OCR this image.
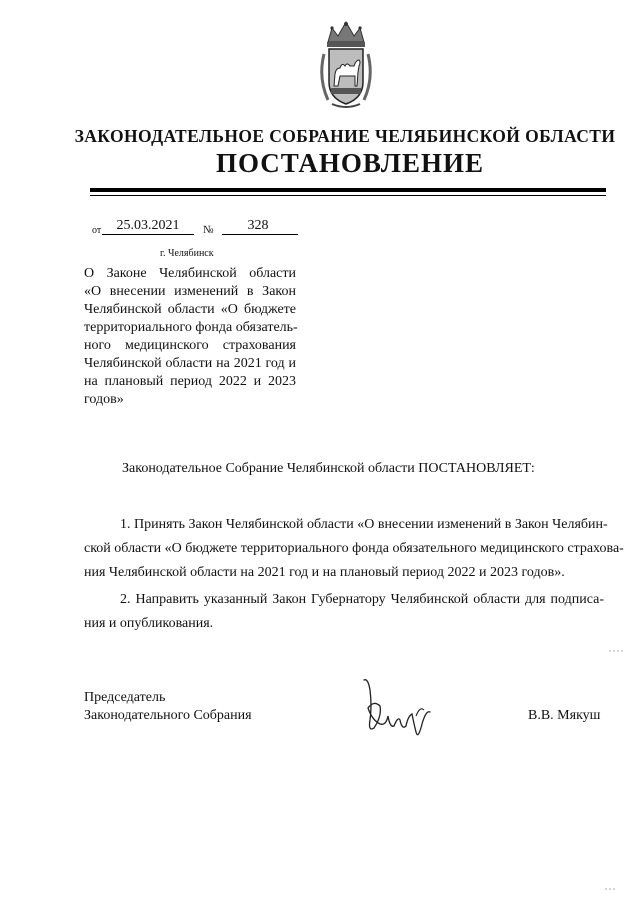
ЗАКОНОДАТЕЛЬНОЕ СОБРАНИЕ ЧЕЛЯБИНСКОЙ ОБЛАСТИ
ПОСТАНОВЛЕНИЕ
от	25.03.2021	№	328
г. Челябинск
О Законе Челябинской области
«О внесении изменений в Закон
Челябинской области «О бюджете
территориального фонда обязатель-
ного медицинского страхования
Челябинской области на 2021 год и
на плановый период 2022 и 2023
годов»
Законодательное Собрание Челябинской области ПОСТАНОВЛЯЕТ:
1. Принять Закон Челябинской области «О внесении изменений в Закон Челябин-
ской области «О бюджете территориального фонда обязательного медицинского страхова-
ния Челябинской области на 2021 год и на плановый период 2022 и 2023 годов».
2. Направить указанный Закон Губернатору Челябинской области для подписа-
ния и опубликования.
Председатель
Законодательного Собрания	В.В. Мякуш
